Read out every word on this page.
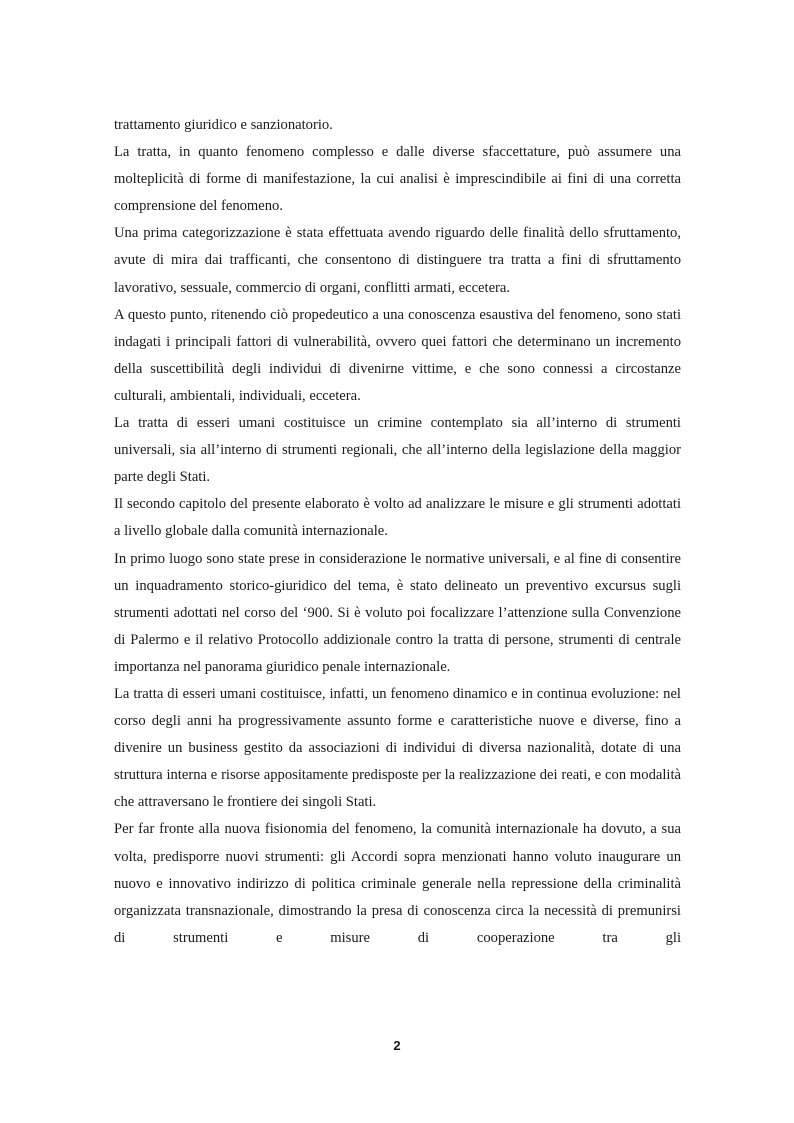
trattamento giuridico e sanzionatorio.

La tratta, in quanto fenomeno complesso e dalle diverse sfaccettature, può assumere una molteplicità di forme di manifestazione, la cui analisi è imprescindibile ai fini di una corretta comprensione del fenomeno.

Una prima categorizzazione è stata effettuata avendo riguardo delle finalità dello sfruttamento, avute di mira dai trafficanti, che consentono di distinguere tra tratta a fini di sfruttamento lavorativo, sessuale, commercio di organi, conflitti armati, eccetera.

A questo punto, ritenendo ciò propedeutico a una conoscenza esaustiva del fenomeno, sono stati indagati i principali fattori di vulnerabilità, ovvero quei fattori che determinano un incremento della suscettibilità degli individui di divenirne vittime, e che sono connessi a circostanze culturali, ambientali, individuali, eccetera.

La tratta di esseri umani costituisce un crimine contemplato sia all’interno di strumenti universali, sia all’interno di strumenti regionali, che all’interno della legislazione della maggior parte degli Stati.

Il secondo capitolo del presente elaborato è volto ad analizzare le misure e gli strumenti adottati a livello globale dalla comunità internazionale.

In primo luogo sono state prese in considerazione le normative universali, e al fine di consentire un inquadramento storico-giuridico del tema, è stato delineato un preventivo excursus sugli strumenti adottati nel corso del ‘900. Si è voluto poi focalizzare l’attenzione sulla Convenzione di Palermo e il relativo Protocollo addizionale contro la tratta di persone, strumenti di centrale importanza nel panorama giuridico penale internazionale.

La tratta di esseri umani costituisce, infatti, un fenomeno dinamico e in continua evoluzione: nel corso degli anni ha progressivamente assunto forme e caratteristiche nuove e diverse, fino a divenire un business gestito da associazioni di individui di diversa nazionalità, dotate di una struttura interna e risorse appositamente predisposte per la realizzazione dei reati, e con modalità che attraversano le frontiere dei singoli Stati.

Per far fronte alla nuova fisionomia del fenomeno, la comunità internazionale ha dovuto, a sua volta, predisporre nuovi strumenti: gli Accordi sopra menzionati hanno voluto inaugurare un nuovo e innovativo indirizzo di politica criminale generale nella repressione della criminalità organizzata transnazionale, dimostrando la presa di conoscenza circa la necessità di premunirsi di strumenti e misure di cooperazione tra gli

2
